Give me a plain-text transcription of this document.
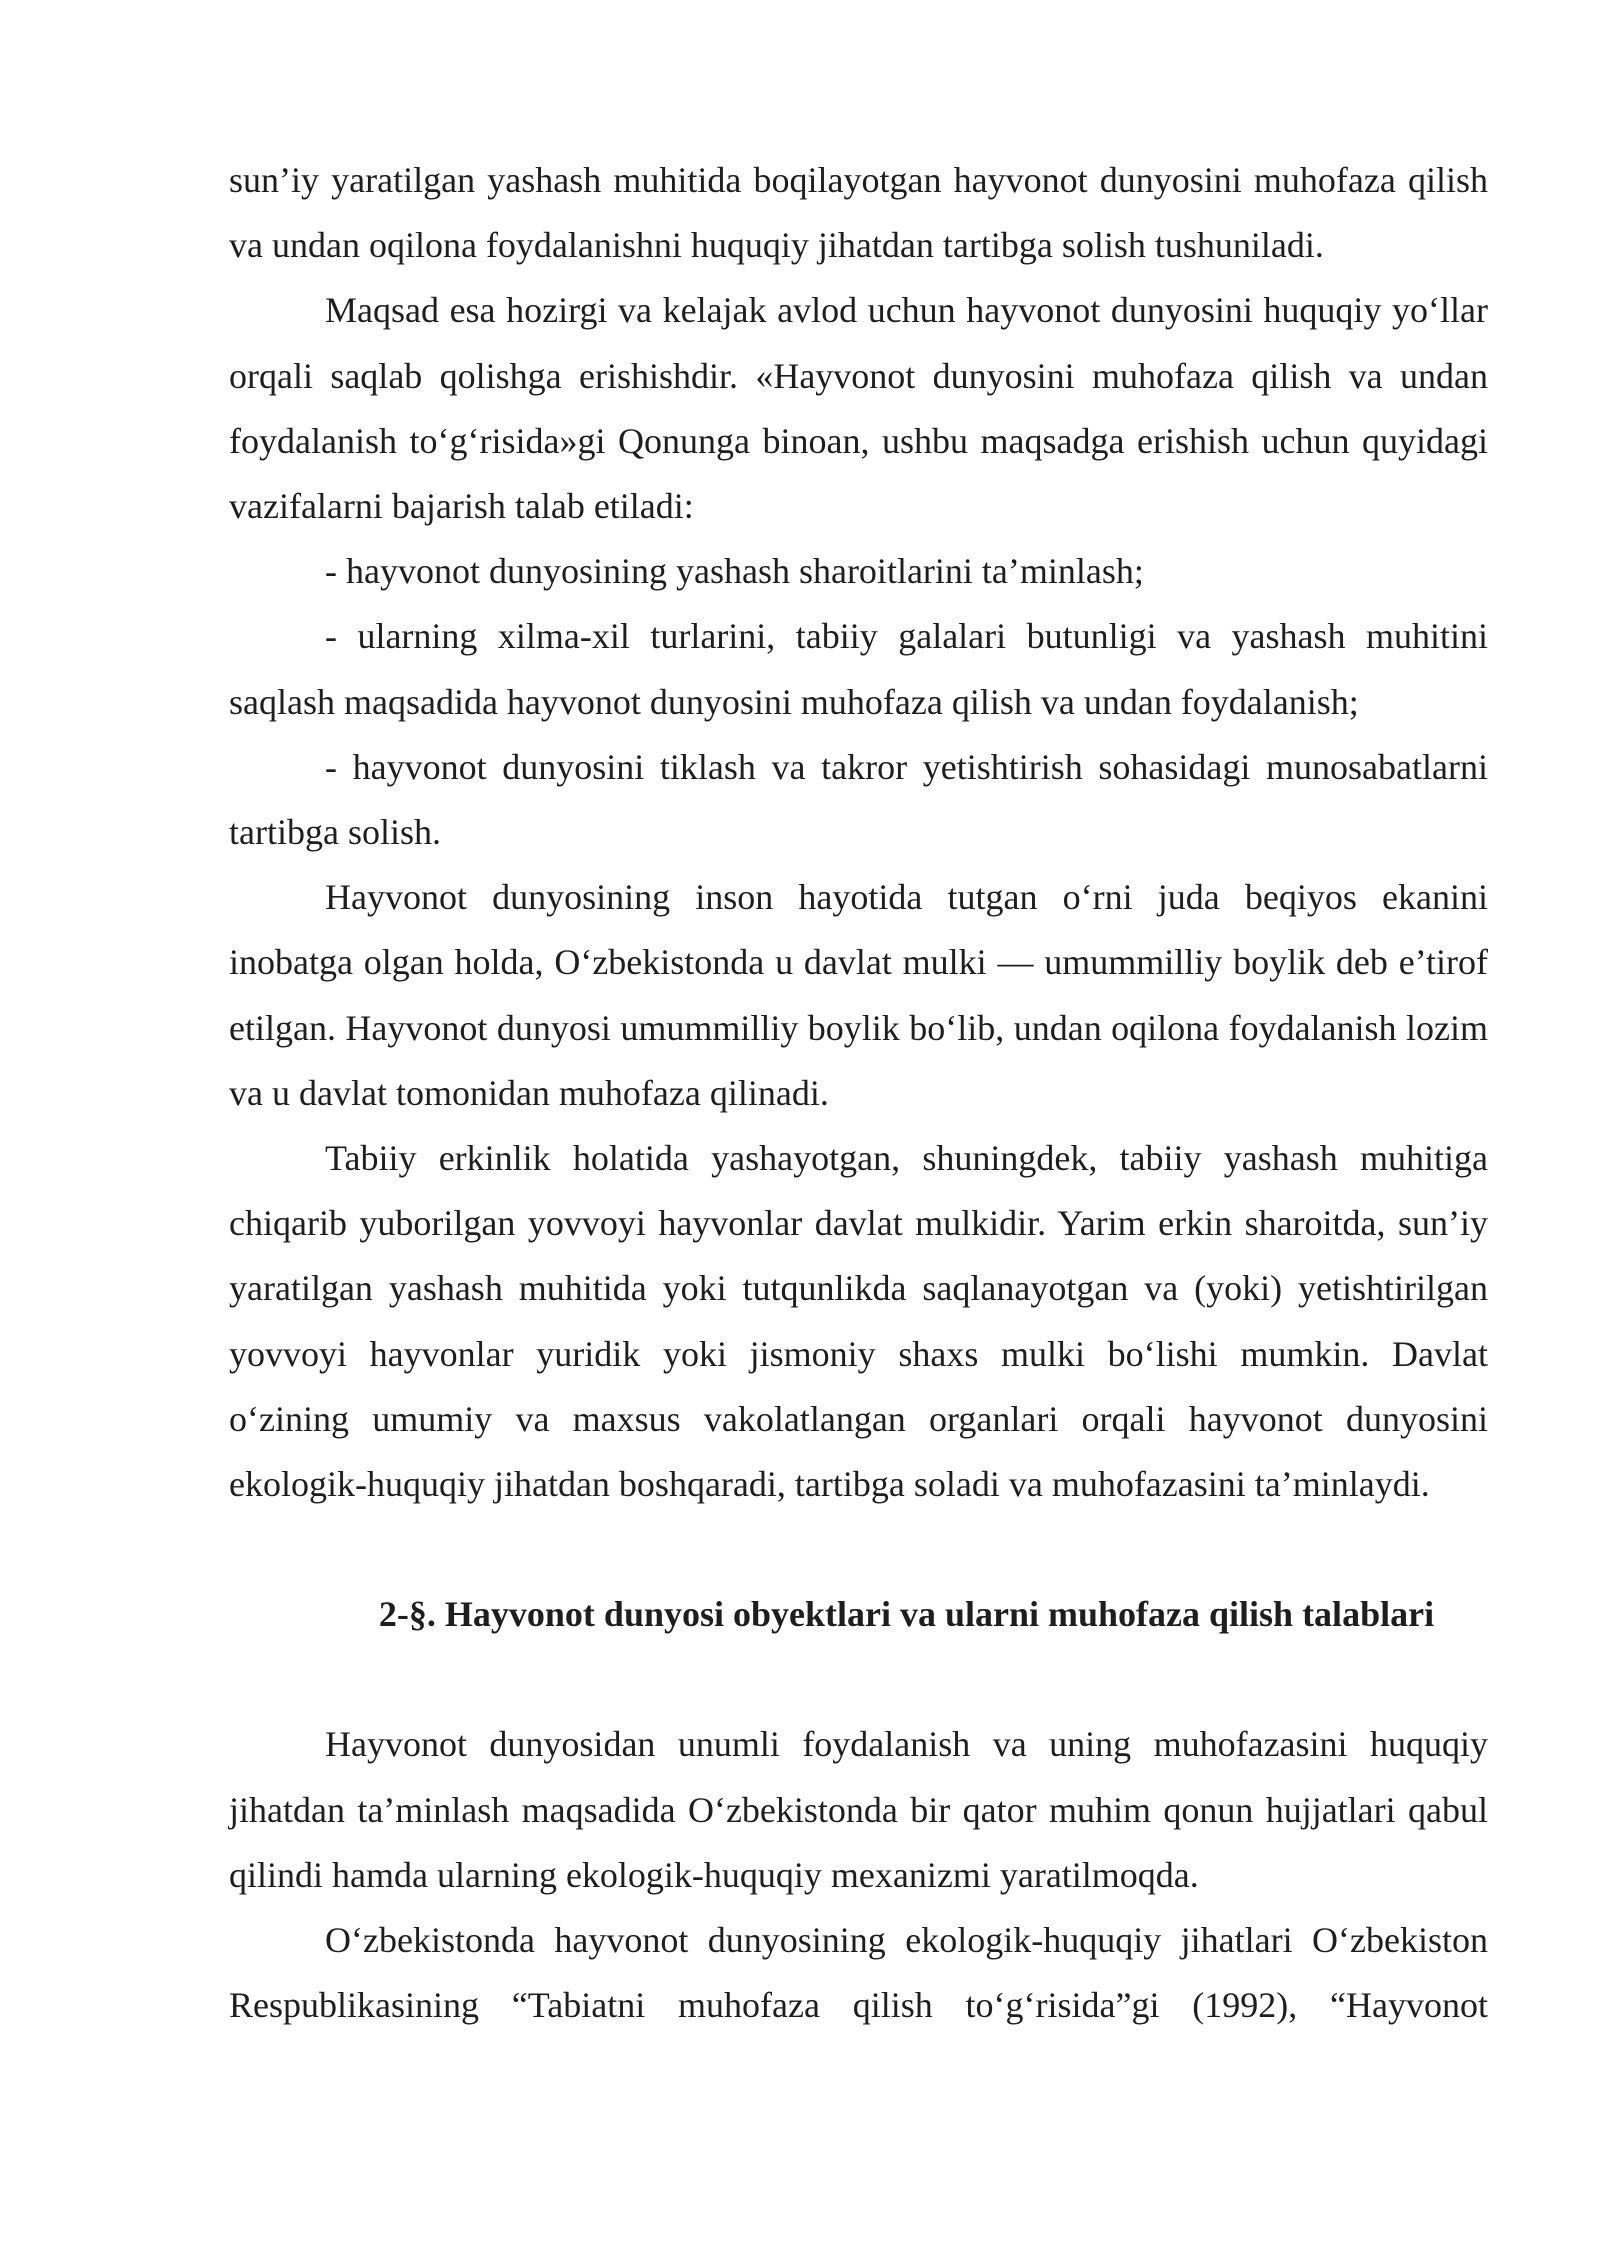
sun’iy yaratilgan yashash muhitida boqilayotgan hayvonot dunyosini muhofaza qilish va undan oqilona foydalanishni huquqiy jihatdan tartibga solish tushuniladi.

Maqsad esa hozirgi va kelajak avlod uchun hayvonot dunyosini huquqiy yo‘llar orqali saqlab qolishga erishishdir. «Hayvonot dunyosini muhofaza qilish va undan foydalanish to‘g‘risida»gi Qonunga binoan, ushbu maqsadga erishish uchun quyidagi vazifalarni bajarish talab etiladi:

- hayvonot dunyosining yashash sharoitlarini ta’minlash;

- ularning xilma-xil turlarini, tabiiy galalari butunligi va yashash muhitini saqlash maqsadida hayvonot dunyosini muhofaza qilish va undan foydalanish;

- hayvonot dunyosini tiklash va takror yetishtirish sohasidagi munosabatlarni tartibga solish.

Hayvonot dunyosining inson hayotida tutgan o‘rni juda beqiyos ekanini inobatga olgan holda, O‘zbekistonda u davlat mulki — umummilliy boylik deb e’tirof etilgan. Hayvonot dunyosi umummilliy boylik bo‘lib, undan oqilona foydalanish lozim va u davlat tomonidan muhofaza qilinadi.

Tabiiy erkinlik holatida yashayotgan, shuningdek, tabiiy yashash muhitiga chiqarib yuborilgan yovvoyi hayvonlar davlat mulkidir. Yarim erkin sharoitda, sun’iy yaratilgan yashash muhitida yoki tutqunlikda saqlanayotgan va (yoki) yetishtirilgan yovvoyi hayvonlar yuridik yoki jismoniy shaxs mulki bo‘lishi mumkin. Davlat o‘zining umumiy va maxsus vakolatlangan organlari orqali hayvonot dunyosini ekologik-huquqiy jihatdan boshqaradi, tartibga soladi va muhofazasini ta’minlaydi.

2-§. Hayvonot dunyosi obyektlari va ularni muhofaza qilish talablari

Hayvonot dunyosidan unumli foydalanish va uning muhofazasini huquqiy jihatdan ta’minlash maqsadida O‘zbekistonda bir qator muhim qonun hujjatlari qabul qilindi hamda ularning ekologik-huquqiy mexanizmi yaratilmoqda.

O‘zbekistonda hayvonot dunyosining ekologik-huquqiy jihatlari O‘zbekiston Respublikasining “Tabiatni muhofaza qilish to‘g‘risida”gi (1992), “Hayvonot
